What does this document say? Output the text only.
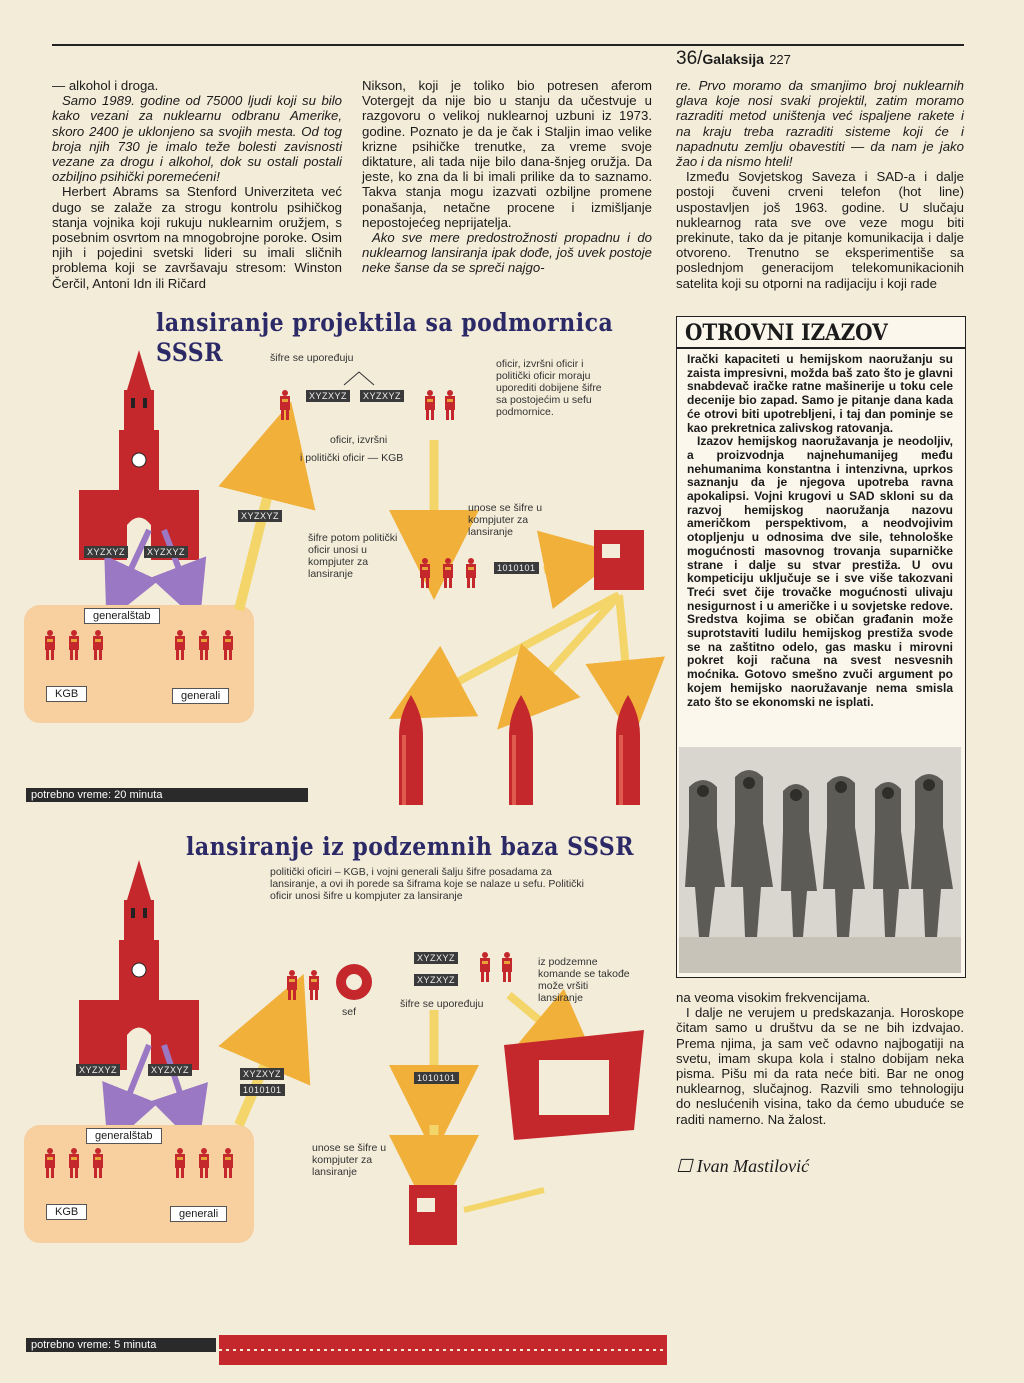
36/Galaksija 227

— alkohol i droga.

Samo 1989. godine od 75000 ljudi koji su bilo kako vezani za nuklearnu odbranu Amerike, skoro 2400 je uklonjeno sa svojih mesta. Od tog broja njih 730 je imalo teže bolesti zavisnosti vezane za drogu i alkohol, dok su ostali postali ozbiljno psihički poremećeni!

Herbert Abrams sa Stenford Univerziteta već dugo se zalaže za strogu kontrolu psihičkog stanja vojnika koji rukuju nuklearnim oružjem, s posebnim osvrtom na mnogobrojne poroke. Osim njih i pojedini svetski lideri su imali sličnih problema koji se završavaju stresom: Winston Čerčil, Antoni Idn ili Ričard

Nikson, koji je toliko bio potresen aferom Votergejt da nije bio u stanju da učestvuje u razgovoru o velikoj nuklearnoj uzbuni iz 1973. godine. Poznato je da je čak i Staljin imao velike krizne psihičke trenutke, za vreme svoje diktature, ali tada nije bilo dana-šnjeg oružja. Da jeste, ko zna da li bi imali prilike da to saznamo. Takva stanja mogu izazvati ozbiljne promene ponašanja, netačne procene i izmišljanje nepostojećeg neprijatelja.

Ako sve mere predostrožnosti propadnu i do nuklearnog lansiranja ipak dođe, još uvek postoje neke šanse da se spreči najgo-

re. Prvo moramo da smanjimo broj nuklearnih glava koje nosi svaki projektil, zatim moramo razraditi metod uništenja već ispaljene rakete i na kraju treba razraditi sisteme koji će i napadnutu zemlju obavestiti — da nam je jako žao i da nismo hteli!

Između Sovjetskog Saveza i SAD-a i dalje postoji čuveni crveni telefon (hot line) uspostavljen još 1963. godine. U slučaju nuklearnog rata sve ove veze mogu biti prekinute, tako da je pitanje komunikacija i dalje otvoreno. Trenutno se eksperimentiše sa poslednjom generacijom telekomunikacionih satelita koji su otporni na radijaciju i koji rade

lansiranje projektila sa podmornica SSSR	šifre se upoređuju
XYZXYZ	XYZXYZ
oficir, izvršni
i politički oficir — KGB
oficir, izvršni oficir i politički oficir moraju uporediti dobijene šifre sa postojećim u sefu podmornice.
unose se šifre u kompjuter za lansiranje
XYZXYZ
šifre potom politički oficir unosi u kompjuter za lansiranje
XYZXYZ	XYZXYZ
1010101
generalštab
KGB	generali
potrebno vreme: 20 minuta
lansiranje iz podzemnih baza SSSR
politički oficiri – KGB, i vojni generali šalju šifre posadama za lansiranje, a ovi ih porede sa šiframa koje se nalaze u sefu. Politički oficir unosi šifre u kompjuter za lansiranje
XYZXYZ
XYZXYZ
sef
šifre se upoređuju
iz podzemne komande se takođe može vršiti lansiranje
XYZXYZ	XYZXYZ	XYZXYZ
1010101
1010101
generalštab
unose se šifre u kompjuter za lansiranje
KGB	generali
potrebno vreme: 5 minuta
OTROVNI IZAZOV

Irački kapaciteti u hemijskom naoružanju su zaista impresivni, možda baš zato što je glavni snabdevač iračke ratne mašinerije u toku cele decenije bio zapad. Samo je pitanje dana kada će otrovi biti upotrebljeni, i taj dan pominje se kao prekretnica zalivskog ratovanja.

Izazov hemijskog naoružavanja je neodoljiv, a proizvodnja najnehumanijeg među nehumanima konstantna i intenzivna, uprkos saznanju da je njegova upotreba ravna apokalipsi. Vojni krugovi u SAD skloni su da razvoj hemijskog naoružanja nazovu američkom perspektivom, a neodvojivim otopljenju u odnosima dve sile, tehnološke mogućnosti masovnog trovanja suparničke strane i dalje su stvar prestiža. U ovu kompeticiju uključuje se i sve više takozvani Treći svet čije trovačke mogućnosti ulivaju nesigurnost i u američke i u sovjetske redove. Sredstva kojima se običan građanin može suprotstaviti ludilu hemijskog prestiža svode se na zaštitno odelo, gas masku i mirovni pokret koji računa na svest nesvesnih moćnika. Gotovo smešno zvuči argument po kojem hemijsko naoružavanje nema smisla zato što se ekonomski ne isplati.

na veoma visokim frekvencijama.

I dalje ne verujem u predskazanja. Horoskope čitam samo u društvu da se ne bih izdvajao. Prema njima, ja sam več odavno najbogatiji na svetu, imam skupa kola i stalno dobijam neka pisma. Pišu mi da rata neće biti. Bar ne onog nuklearnog, slučajnog. Razvili smo tehnologiju do neslućenih visina, tako da ćemo ubuduće se raditi namerno. Na žalost.

☐ Ivan Mastilović
